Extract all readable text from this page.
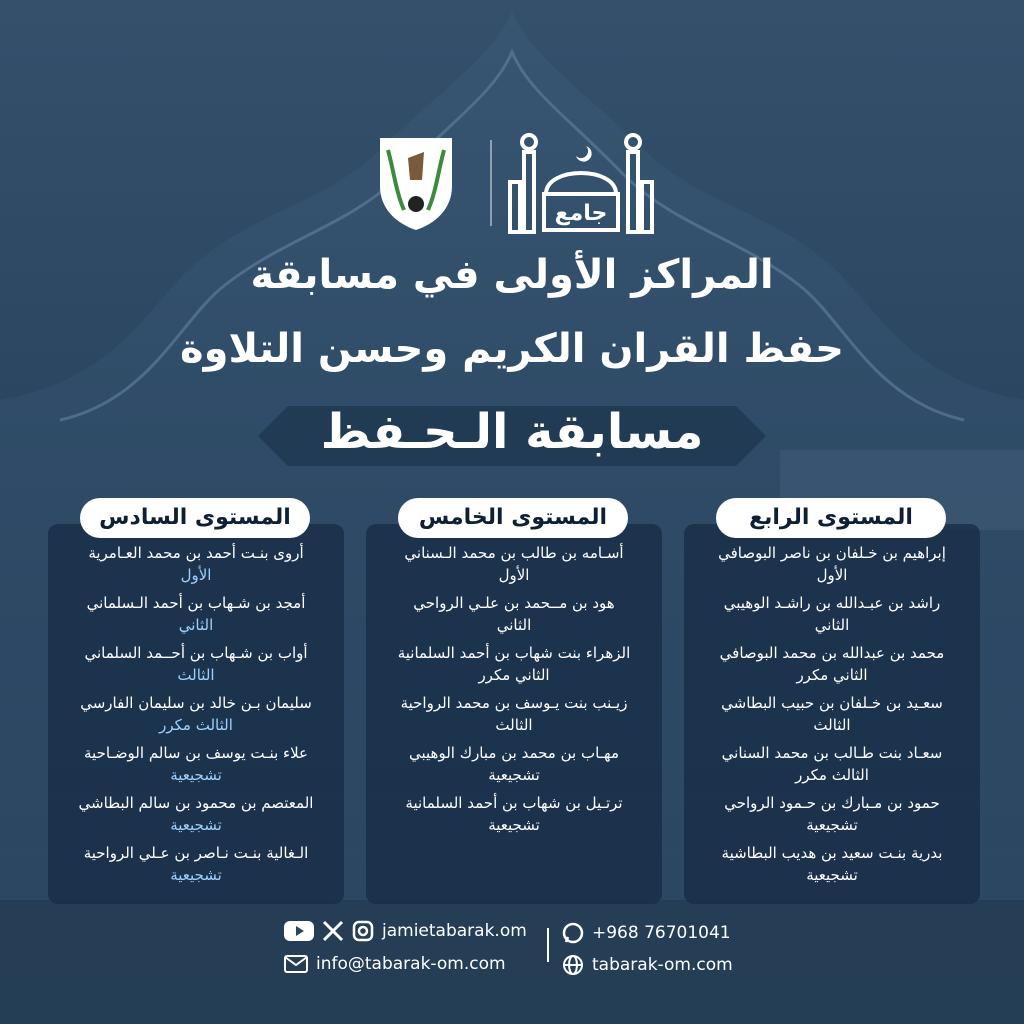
جامع
المراكز الأولى في مسابقة
حفظ القران الكريم وحسن التلاوة
مسابقة الـحـفظ
المستوى السادس
أروى بنـت أحمد بن محمد العـامرية
الأول
أمجد بن شـهاب بن أحمد الـسلماني
الثاني
أواب بن شـهاب بن أحــمد السلماني
الثالث
سليمان بـن خالد بن سليمان الفارسي
الثالث مكرر
علاء بنـت يوسف بن سالم الوضـاحية
تشجيعية
المعتصم بن محمود بن سالم البطاشي
تشجيعية
الـغالية بنـت نـاصر بن عـلي الرواحية
تشجيعية
المستوى الخامس
أسـامه بن طالب بن محمد الـسناني
الأول
هود بن مــحمد بن علـي الرواحي
الثاني
الزهراء بنت شهاب بن أحمد السلمانية
الثاني مكرر
زيـنب بنت يـوسف بن محمد الرواحية
الثالث
مهـاب بن محمد بن مبارك الوهيبي
تشجيعية
ترتـيل بن شهاب بن أحمد السلمانية
تشجيعية
المستوى الرابع
إبراهيم بن خـلفان بن ناصر البوصافي
الأول
راشد بن عبـدالله بن راشـد الوهيبي
الثاني
محمد بن عبدالله بن محمد البوصافي
الثاني مكرر
سعـيد بن خـلفان بن حبيب البطاشي
الثالث
سعـاد بنت طـالب بن محمد السناني
الثالث مكرر
حمود بن مـبارك بن حـمود الرواحي
تشجيعية
بدرية بنـت سعيد بن هديب البطاشية
تشجيعية
jamietabarak.om
info@tabarak-om.com
+968 76701041
tabarak-om.com
